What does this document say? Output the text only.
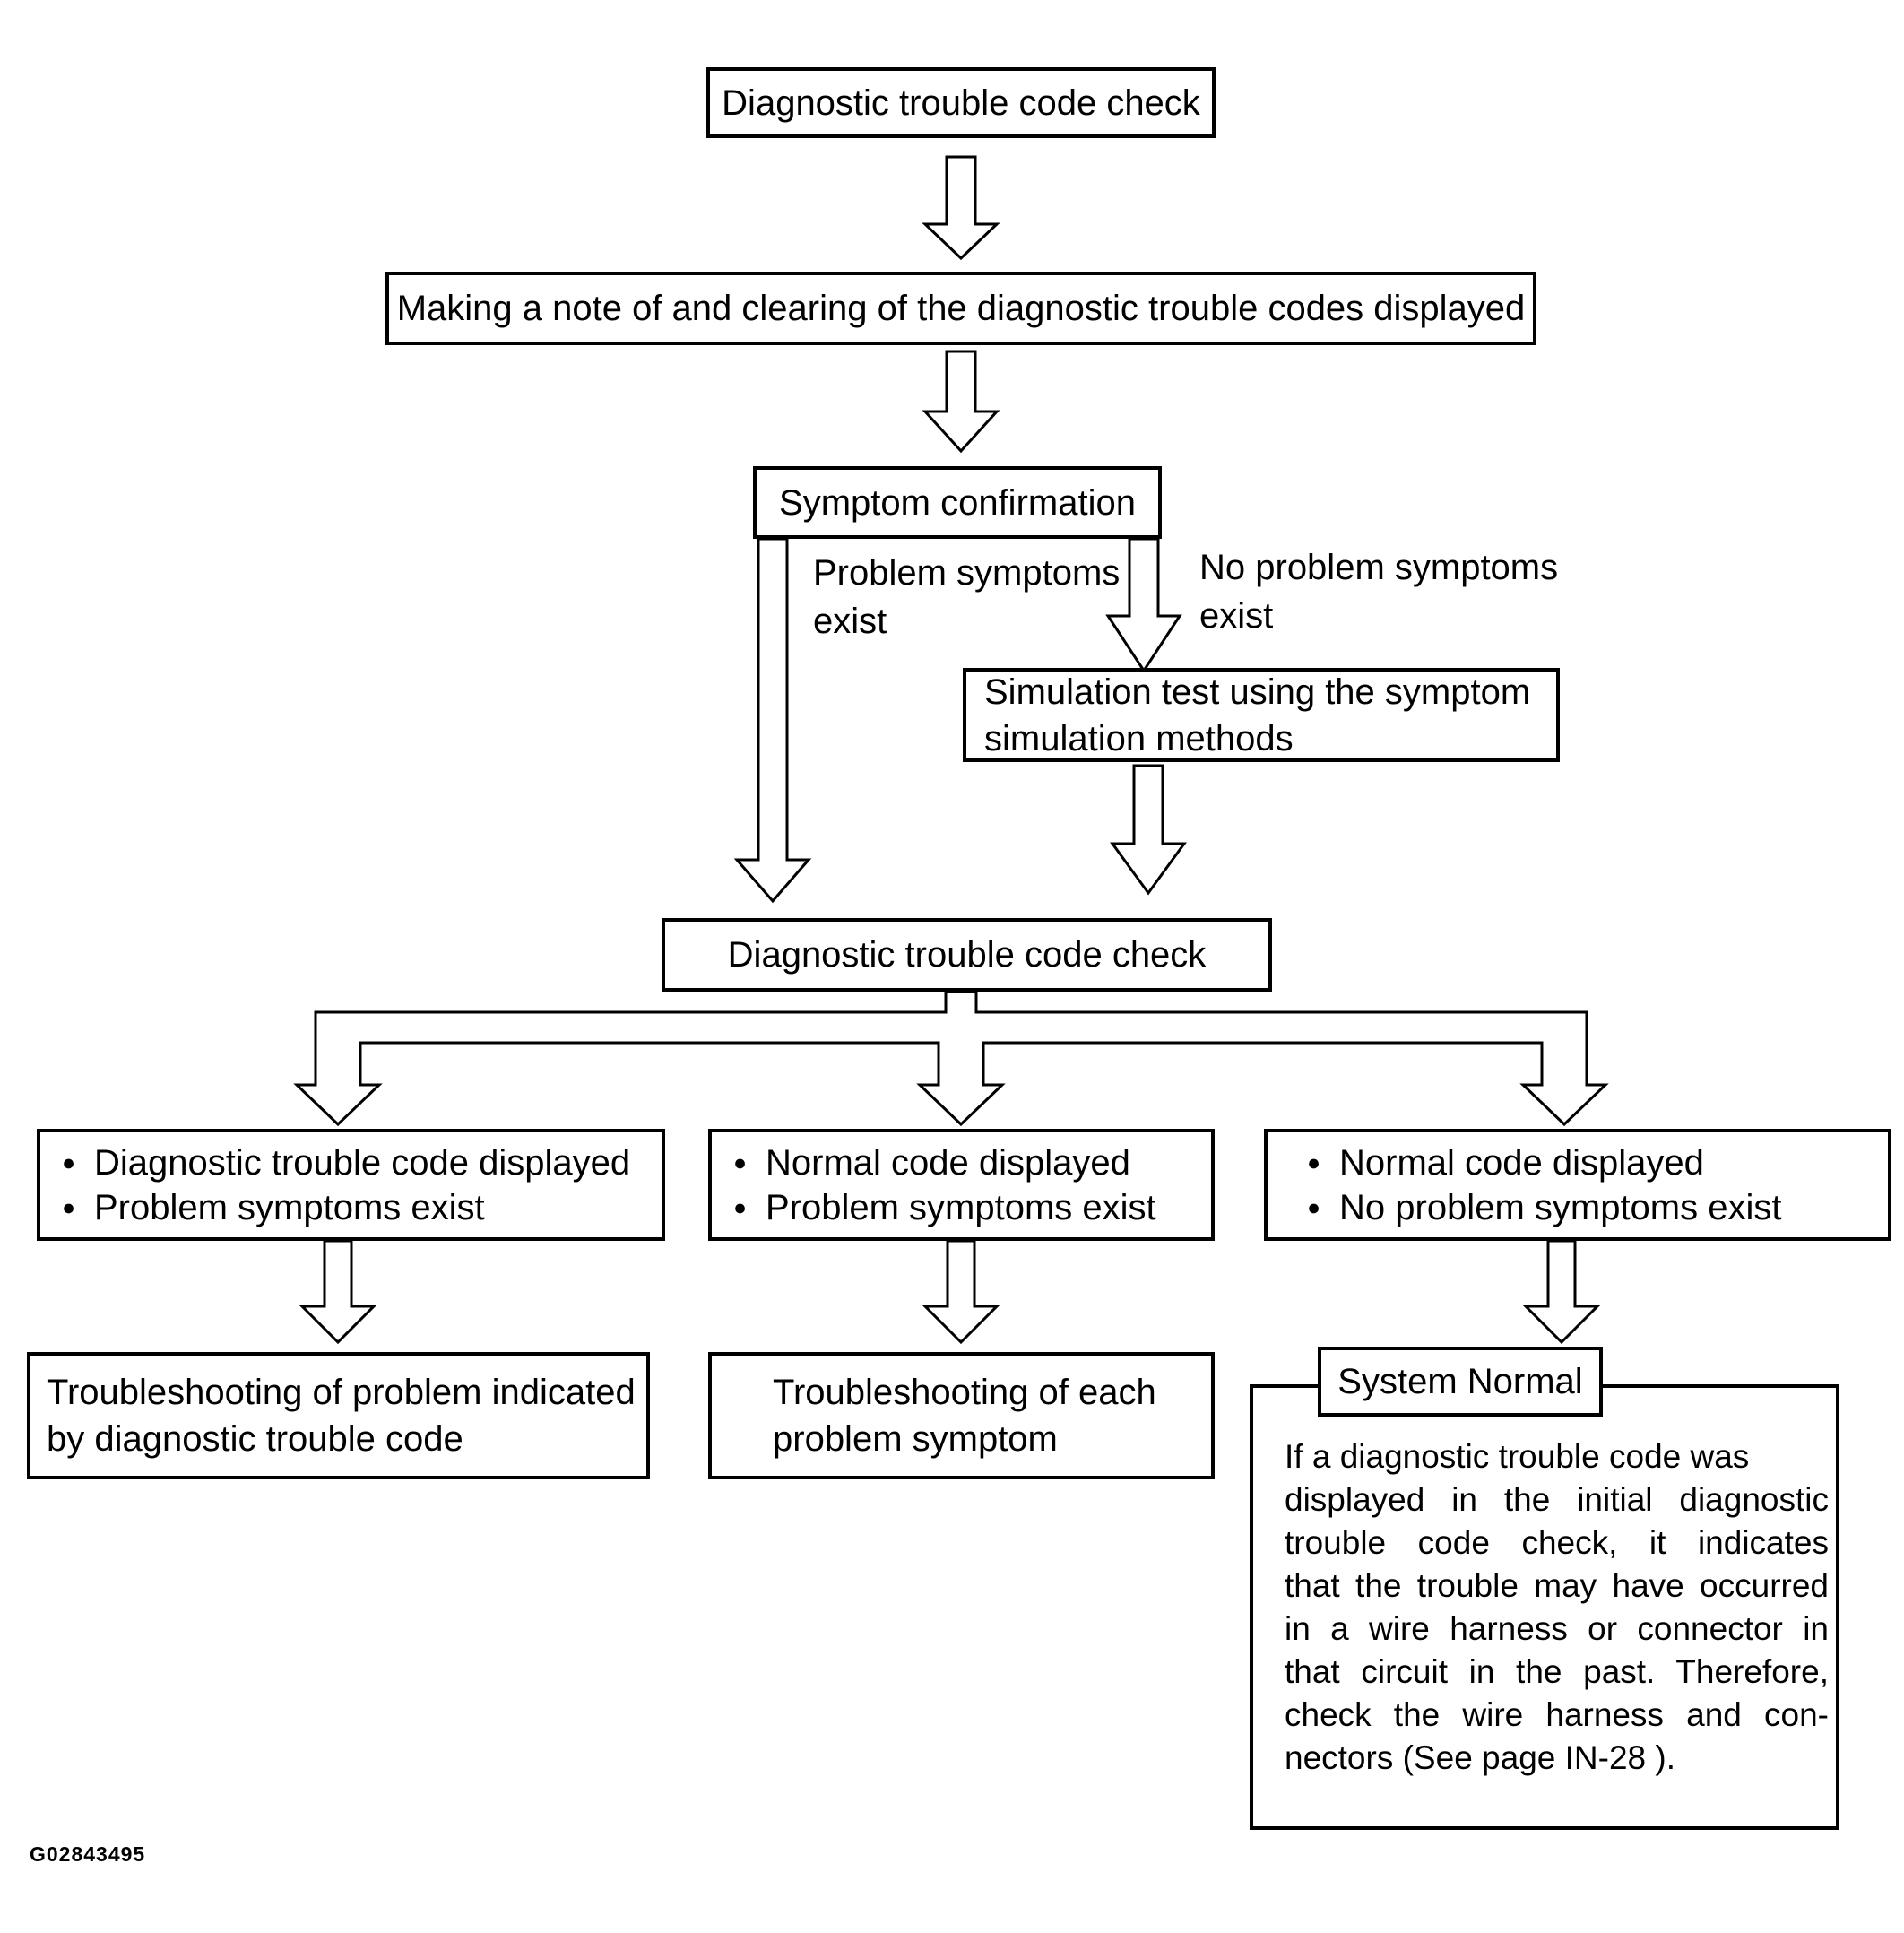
Diagnostic trouble code check
Making a note of and clearing of the diagnostic trouble codes displayed
Symptom confirmation
Problem symptoms
exist
No problem symptoms
exist
Simulation test using the symptom
simulation methods
Diagnostic trouble code check
● Diagnostic trouble code displayed
● Problem symptoms exist
● Normal code displayed
● Problem symptoms exist
● Normal code displayed
● No problem symptoms exist
Troubleshooting of problem indicated
by diagnostic trouble code
Troubleshooting of each
problem symptom	If a diagnostic trouble code was
displayed in the initial diagnostic
trouble code check, it indicates
that the trouble may have occurred
in a wire harness or connector in
that circuit in the past. Therefore,
check the wire harness and con-
nectors (See page IN-28 ).
System Normal
G02843495
